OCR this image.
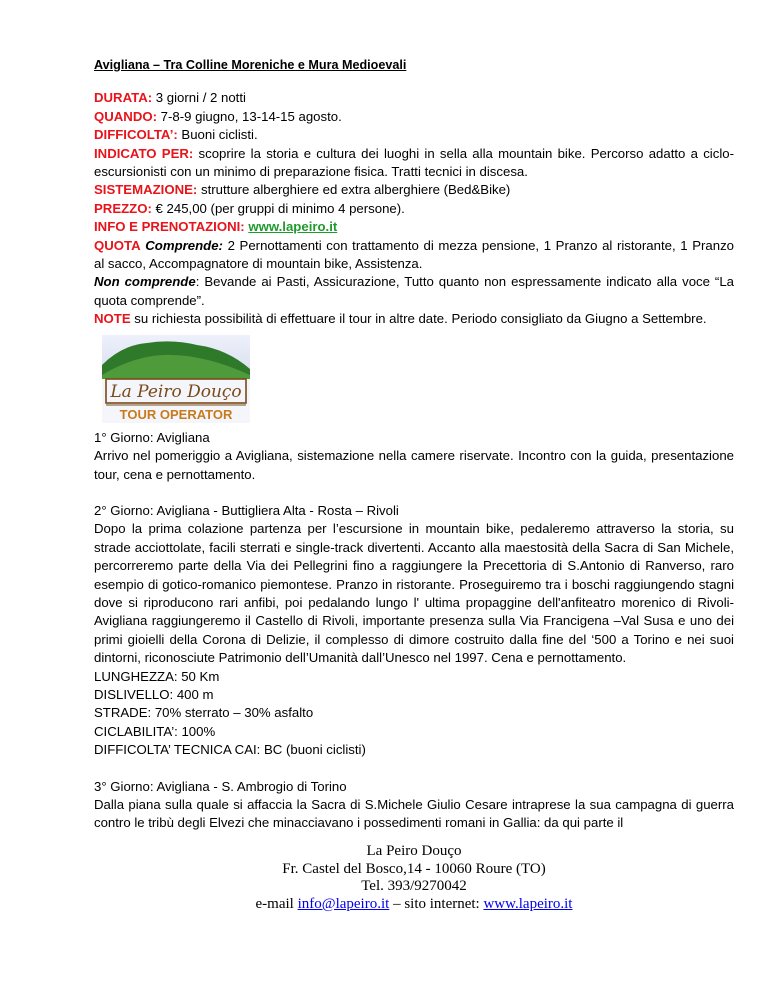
Avigliana – Tra Colline Moreniche e Mura Medioevali

DURATA: 3 giorni / 2 notti

QUANDO: 7-8-9 giugno, 13-14-15 agosto.

DIFFICOLTA’: Buoni ciclisti.

INDICATO PER: scoprire la storia e cultura dei luoghi in sella alla mountain bike. Percorso adatto a ciclo-escursionisti con un minimo di preparazione fisica. Tratti tecnici in discesa.

SISTEMAZIONE: strutture alberghiere ed extra alberghiere (Bed&Bike)

PREZZO: € 245,00 (per gruppi di minimo 4 persone).

INFO E PRENOTAZIONI: www.lapeiro.it

QUOTA Comprende: 2 Pernottamenti con trattamento di mezza pensione, 1 Pranzo al ristorante, 1 Pranzo al sacco, Accompagnatore di mountain bike, Assistenza.

Non comprende: Bevande ai Pasti, Assicurazione, Tutto quanto non espressamente indicato alla voce “La quota comprende”.

NOTE su richiesta possibilità di effettuare il tour in altre date. Periodo consigliato da Giugno a Settembre.

La Peiro Douço
TOUR OPERATOR

1° Giorno: Avigliana

Arrivo nel pomeriggio a Avigliana, sistemazione nella camere riservate. Incontro con la guida, presentazione tour, cena e pernottamento.

2° Giorno: Avigliana - Buttigliera Alta - Rosta – Rivoli

Dopo la prima colazione partenza per l’escursione in mountain bike, pedaleremo attraverso la storia, su strade acciottolate, facili sterrati e single-track divertenti. Accanto alla maestosità della Sacra di San Michele, percorreremo parte della Via dei Pellegrini fino a raggiungere la Precettoria di S.Antonio di Ranverso, raro esempio di gotico-romanico piemontese. Pranzo in ristorante. Proseguiremo tra i boschi raggiungendo stagni dove si riproducono rari anfibi, poi pedalando lungo l' ultima propaggine dell'anfiteatro morenico di Rivoli-Avigliana raggiungeremo il Castello di Rivoli, importante presenza sulla Via Francigena –Val Susa e uno dei primi gioielli della Corona di Delizie, il complesso di dimore costruito dalla fine del ‘500 a Torino e nei suoi dintorni, riconosciute Patrimonio dell’Umanità dall’Unesco nel 1997. Cena e pernottamento.

LUNGHEZZA: 50 Km

DISLIVELLO: 400 m

STRADE: 70% sterrato – 30% asfalto

CICLABILITA’: 100%

DIFFICOLTA’ TECNICA CAI: BC (buoni ciclisti)

3° Giorno: Avigliana - S. Ambrogio di Torino

Dalla piana sulla quale si affaccia la Sacra di S.Michele Giulio Cesare intraprese la sua campagna di guerra contro le tribù degli Elvezi che minacciavano i possedimenti romani in Gallia: da qui parte il

La Peiro Douço
Fr. Castel del Bosco,14 - 10060 Roure (TO)
Tel. 393/9270042
e-mail info@lapeiro.it – sito internet: www.lapeiro.it
